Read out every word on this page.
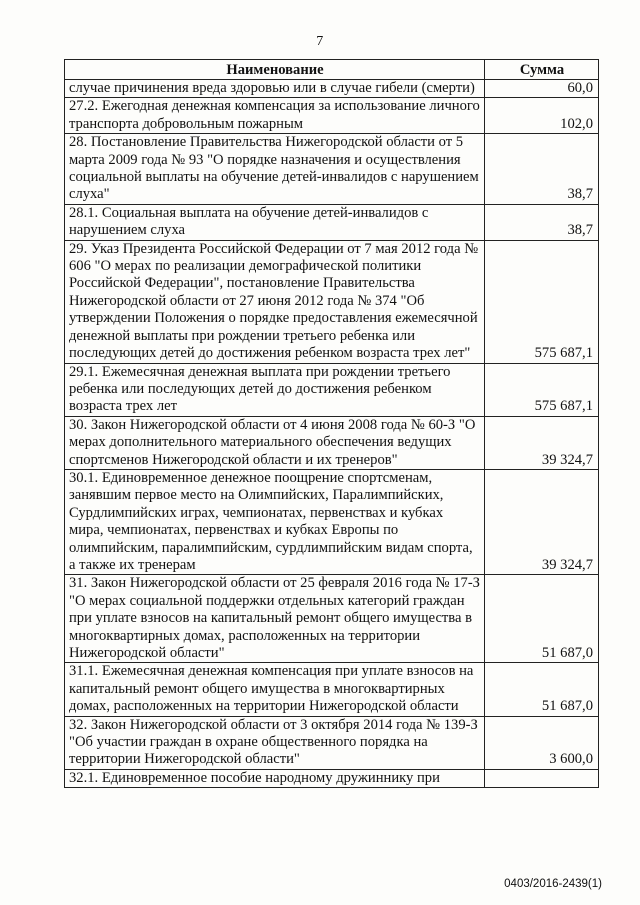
7
Наименование	Сумма
случае причинения вреда здоровью или в случае гибели (смерти)	60,0
27.2. Ежегодная денежная компенсация за использование личного транспорта добровольным пожарным	102,0
28. Постановление Правительства Нижегородской области от 5 марта 2009 года № 93 "О порядке назначения и осуществления социальной выплаты на обучение детей-инвалидов с нарушением слуха"	38,7
28.1. Социальная выплата на обучение детей-инвалидов с нарушением слуха	38,7
29. Указ Президента Российской Федерации от 7 мая 2012 года № 606 "О мерах по реализации демографической политики Российской Федерации", постановление Правительства Нижегородской области от 27 июня 2012 года № 374 "Об утверждении Положения о порядке предоставления ежемесячной денежной выплаты при рождении третьего ребенка или последующих детей до достижения ребенком возраста трех лет"	575 687,1
29.1. Ежемесячная денежная выплата при рождении третьего ребенка или последующих детей до достижения ребенком возраста трех лет	575 687,1
30. Закон Нижегородской области от 4 июня 2008 года № 60-З "О мерах дополнительного материального обеспечения ведущих спортсменов Нижегородской области и их тренеров"	39 324,7
30.1. Единовременное денежное поощрение спортсменам, занявшим первое место на Олимпийских, Паралимпийских, Сурдлимпийских играх, чемпионатах, первенствах и кубках мира, чемпионатах, первенствах и кубках Европы по олимпийским, паралимпийским, сурдлимпийским видам спорта, а также их тренерам	39 324,7
31. Закон Нижегородской области от 25 февраля 2016 года № 17-З "О мерах социальной поддержки отдельных категорий граждан при уплате взносов на капитальный ремонт общего имущества в многоквартирных домах, расположенных на территории Нижегородской области"	51 687,0
31.1. Ежемесячная денежная компенсация при уплате взносов на капитальный ремонт общего имущества в многоквартирных домах, расположенных на территории Нижегородской области	51 687,0
32. Закон Нижегородской области от 3 октября 2014 года № 139-З "Об участии граждан в охране общественного порядка на территории Нижегородской области"	3 600,0
32.1. Единовременное пособие народному дружиннику при	
0403/2016-2439(1)
